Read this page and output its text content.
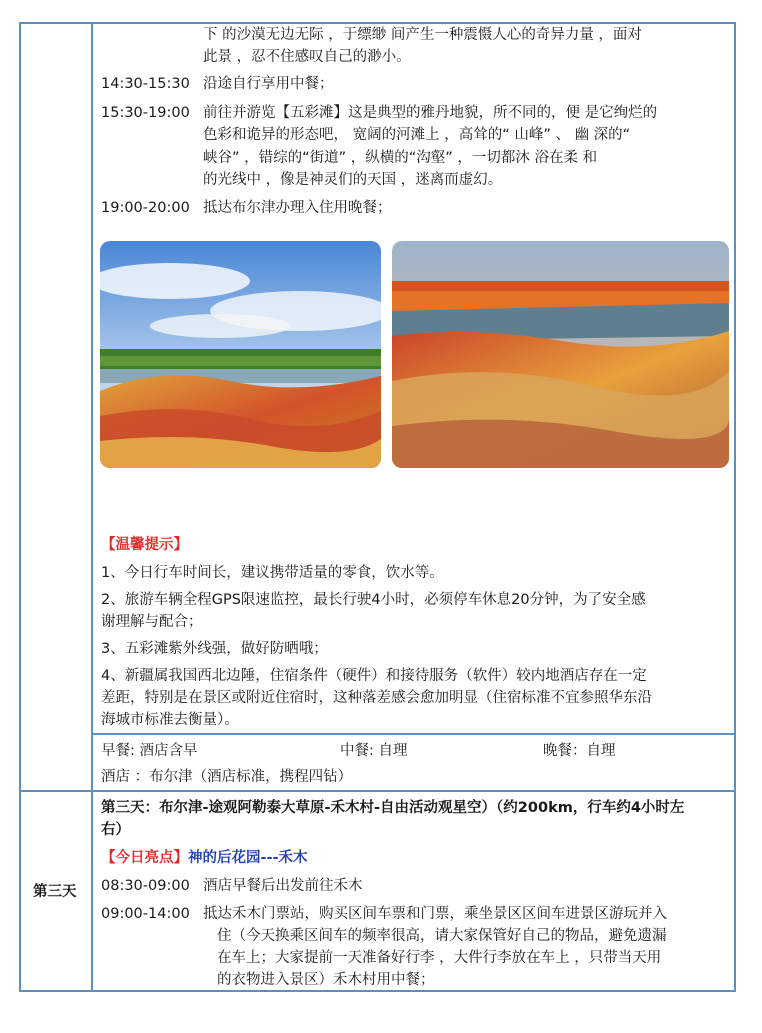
下 的沙漠无边无际 ，于缥缈 间产生一种震慑人心的奇异力量 ，面对
此景 ，忍不住感叹自己的渺小。
14:30-15:30 沿途自行享用中餐；
15:30-19:00 前往并游览【五彩滩】这是典型的雅丹地貌，所不同的，便 是它绚烂的
色彩和诡异的形态吧， 宽阔的河滩上 ，高耸的“ 山峰” 、 幽 深的“
峡谷” ，错综的“街道” ，纵横的“沟壑” ，一切都沐 浴在柔 和
的光线中 ，像是神灵们的天国 ，迷离而虚幻。
19:00-20:00 抵达布尔津办理入住用晚餐；
【温馨提示】
1、今日行车时间长，建议携带适量的零食，饮水等。
2、旅游车辆全程GPS限速监控，最长行驶4小时，必须停车休息20分钟，为了安全感
谢理解与配合；
3、五彩滩紫外线强，做好防晒哦；
4、新疆属我国西北边陲，住宿条件（硬件）和接待服务（软件）较内地酒店存在一定
差距，特别是在景区或附近住宿时，这种落差感会愈加明显（住宿标准不宜参照华东沿
海城市标准去衡量）。
早餐: 酒店含早	中餐: 自理	晚餐：自理
酒店 ：布尔津（酒店标准，携程四钻）
第三天
第三天：布尔津-途观阿勒泰大草原-禾木村-自由活动观星空）（约200km，行车约4小时左
右）
【今日亮点】神的后花园---禾木
08:30-09:00 酒店早餐后出发前往禾木
09:00-14:00 抵达禾木门票站，购买区间车票和门票，乘坐景区区间车进景区游玩并入
住（今天换乘区间车的频率很高，请大家保管好自己的物品，避免遗漏
在车上；大家提前一天准备好行李 ，大件行李放在车上 ，只带当天用
的衣物进入景区）禾木村用中餐；
